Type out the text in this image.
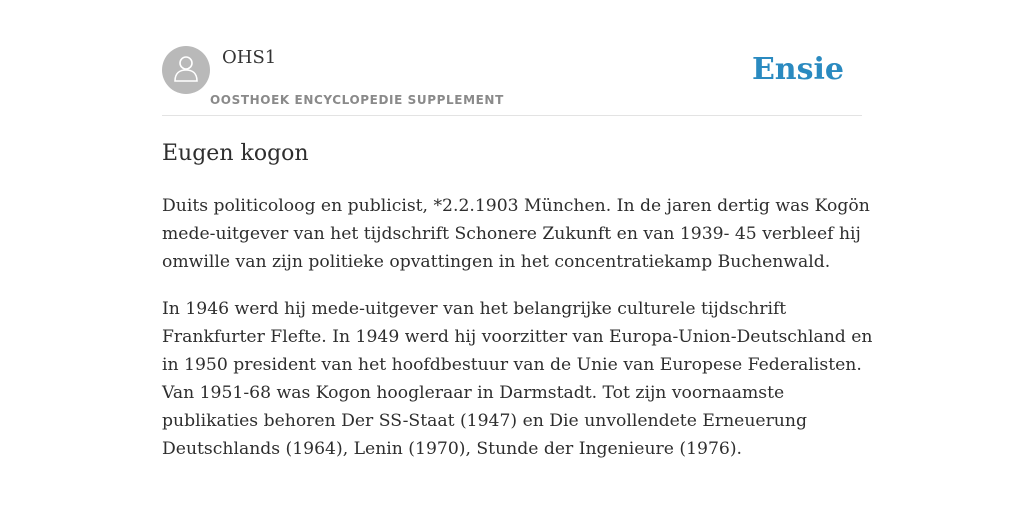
OHS1
OOSTHOEK ENCYCLOPEDIE SUPPLEMENT
Ensie
Eugen kogon

Duits politicoloog en publicist, *2.2.1903 München. In de jaren dertig was Kogön
mede-uitgever van het tijdschrift Schonere Zukunft en van 1939- 45 verbleef hij
omwille van zijn politieke opvattingen in het concentratiekamp Buchenwald.

In 1946 werd hij mede-uitgever van het belangrijke culturele tijdschrift
Frankfurter Flefte. In 1949 werd hij voorzitter van Europa-Union-Deutschland en
in 1950 president van het hoofdbestuur van de Unie van Europese Federalisten.
Van 1951-68 was Kogon hoogleraar in Darmstadt. Tot zijn voornaamste
publikaties behoren Der SS-Staat (1947) en Die unvollendete Erneuerung
Deutschlands (1964), Lenin (1970), Stunde der Ingenieure (1976).
